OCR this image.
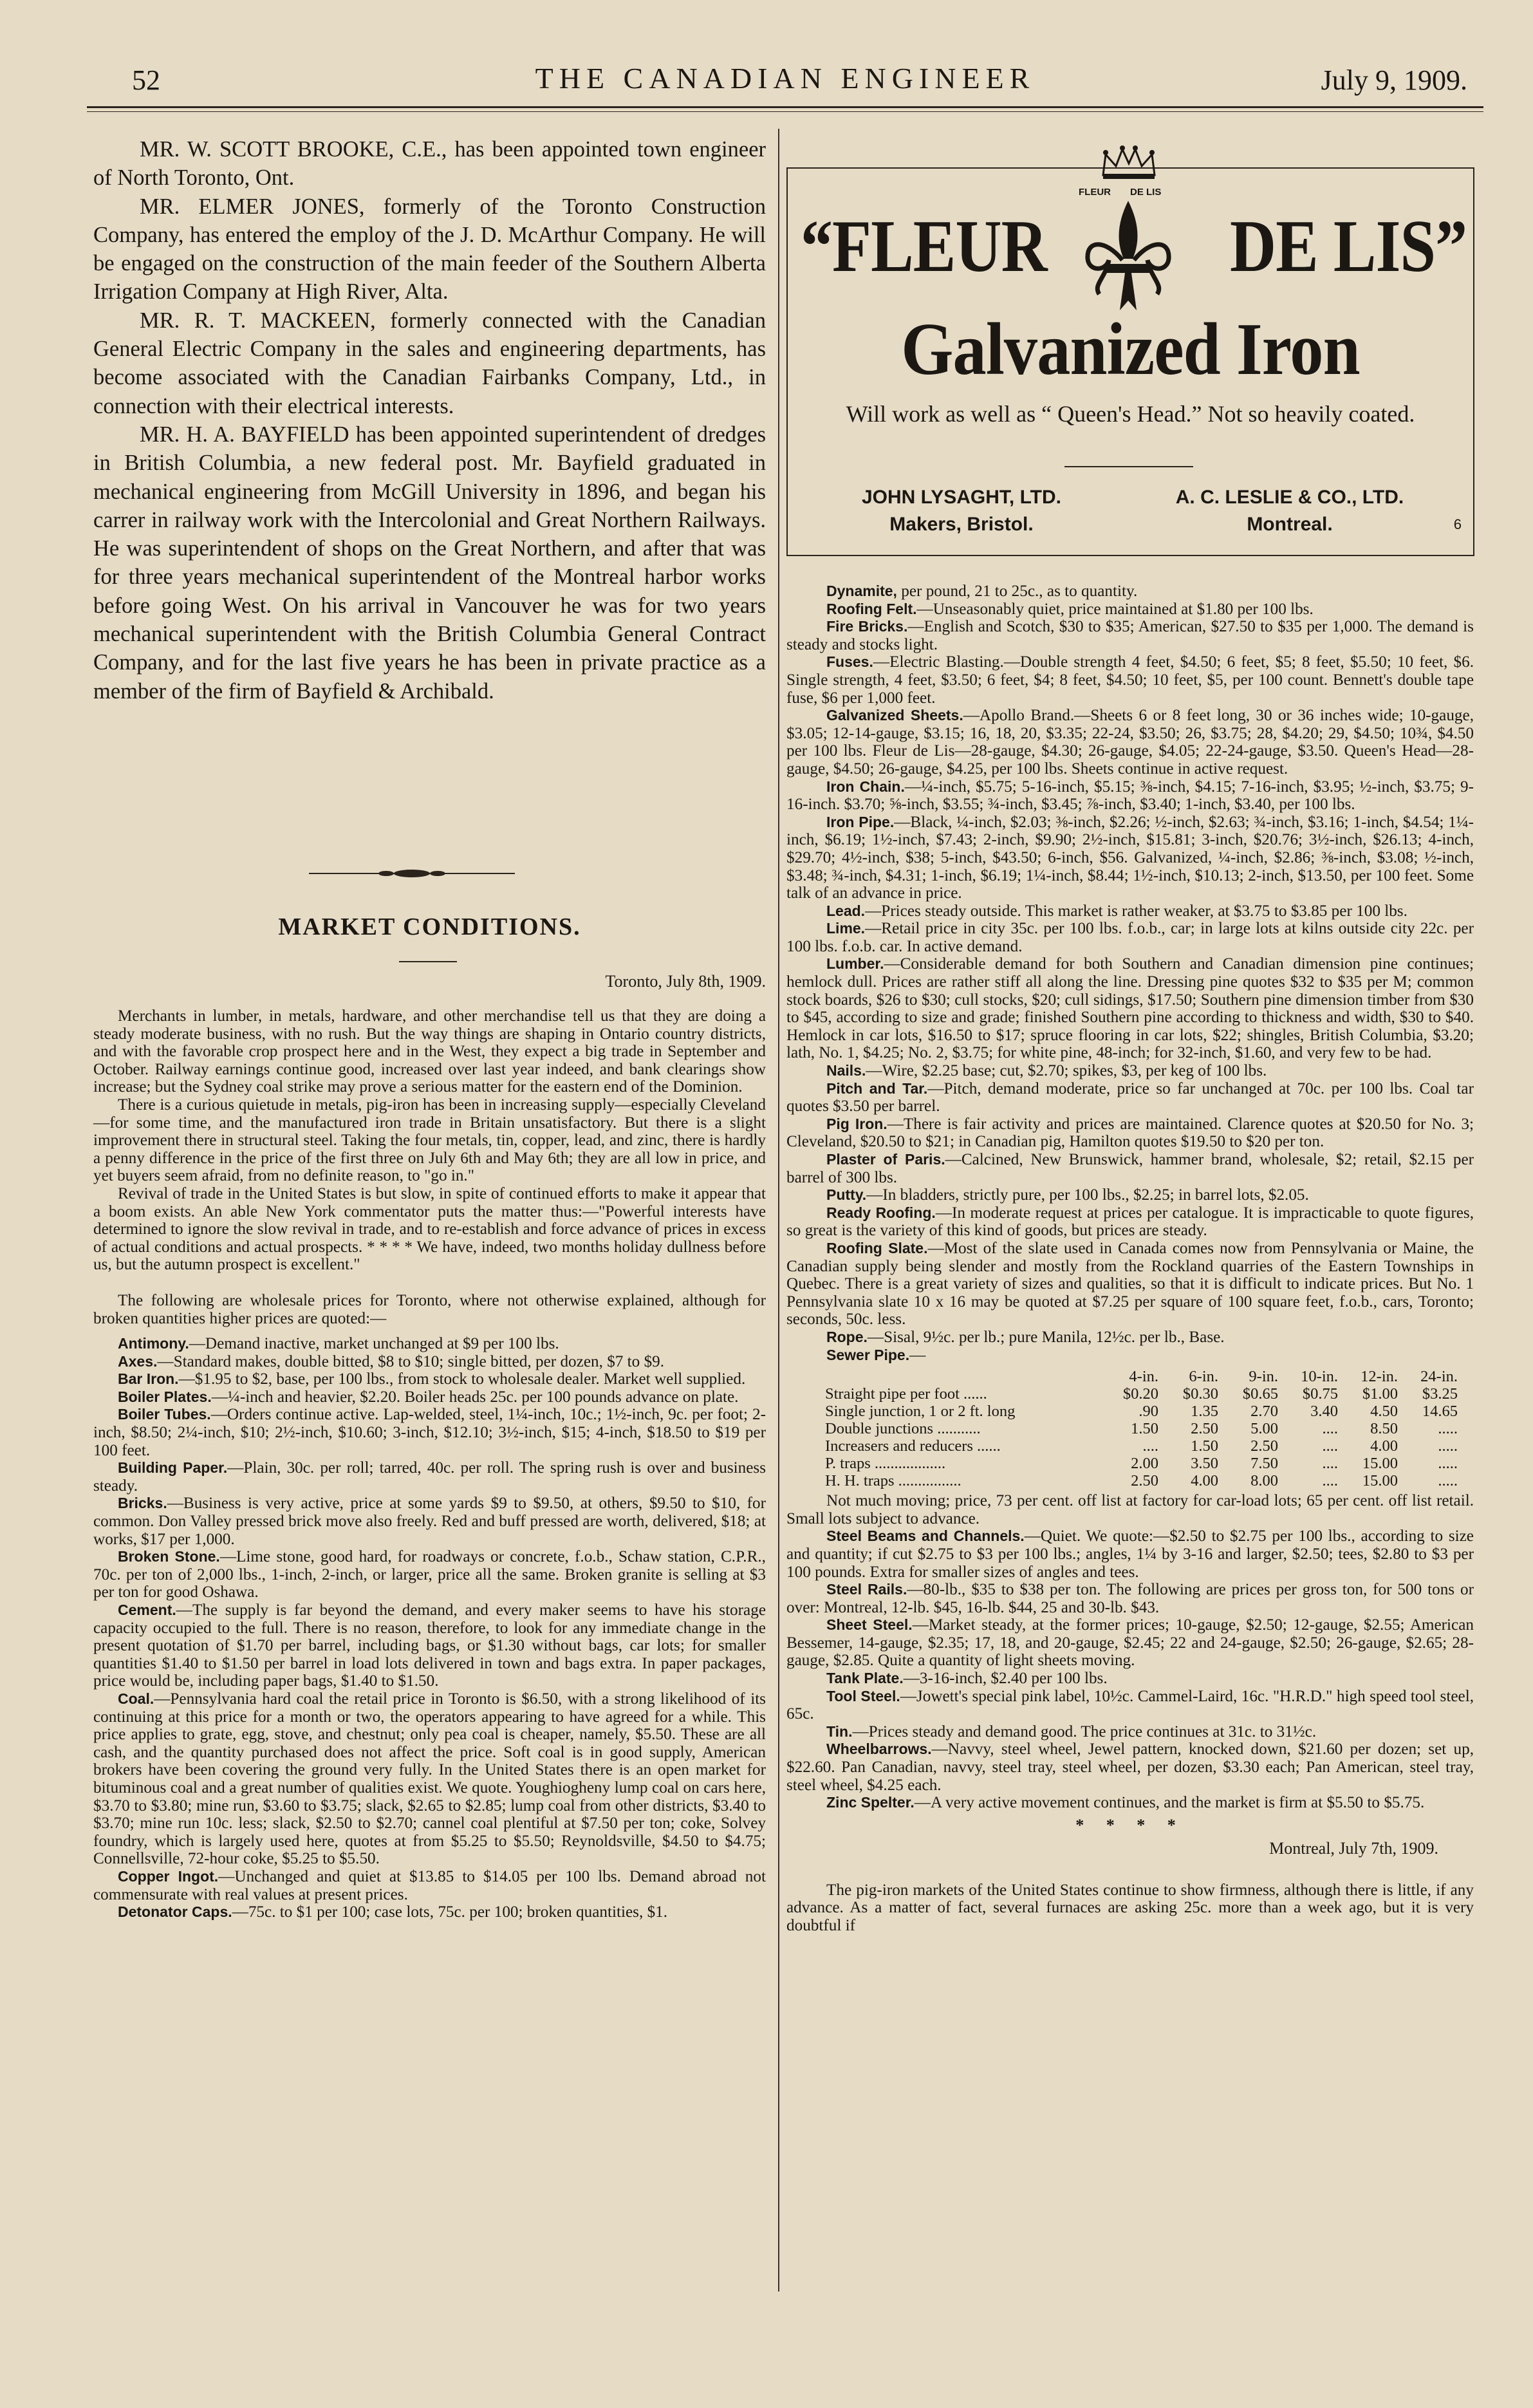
52	THE CANADIAN ENGINEER	July 9, 1909.

MR. W. SCOTT BROOKE, C.E., has been appointed town engineer of North Toronto, Ont.

MR. ELMER JONES, formerly of the Toronto Construction Company, has entered the employ of the J. D. McArthur Company. He will be engaged on the construction of the main feeder of the Southern Alberta Irrigation Company at High River, Alta.

MR. R. T. MACKEEN, formerly connected with the Canadian General Electric Company in the sales and engineering departments, has become associated with the Canadian Fairbanks Company, Ltd., in connection with their electrical interests.

MR. H. A. BAYFIELD has been appointed superintendent of dredges in British Columbia, a new federal post. Mr. Bayfield graduated in mechanical engineering from McGill University in 1896, and began his carrer in railway work with the Intercolonial and Great Northern Railways. He was superintendent of shops on the Great Northern, and after that was for three years mechanical superintendent of the Montreal harbor works before going West. On his arrival in Vancouver he was for two years mechanical superintendent with the British Columbia General Contract Company, and for the last five years he has been in private practice as a member of the firm of Bayfield & Archibald.

MARKET CONDITIONS.
Toronto, July 8th, 1909.

Merchants in lumber, in metals, hardware, and other merchandise tell us that they are doing a steady moderate business, with no rush. But the way things are shaping in Ontario country districts, and with the favorable crop prospect here and in the West, they expect a big trade in September and October. Railway earnings continue good, increased over last year indeed, and bank clearings show increase; but the Sydney coal strike may prove a serious matter for the eastern end of the Dominion.

There is a curious quietude in metals, pig-iron has been in increasing supply—especially Cleveland—for some time, and the manufactured iron trade in Britain unsatisfactory. But there is a slight improvement there in structural steel. Taking the four metals, tin, copper, lead, and zinc, there is hardly a penny difference in the price of the first three on July 6th and May 6th; they are all low in price, and yet buyers seem afraid, from no definite reason, to "go in."

Revival of trade in the United States is but slow, in spite of continued efforts to make it appear that a boom exists. An able New York commentator puts the matter thus:—"Powerful interests have determined to ignore the slow revival in trade, and to re-establish and force advance of prices in excess of actual conditions and actual prospects. * * * * We have, indeed, two months holiday dullness before us, but the autumn prospect is excellent."

The following are wholesale prices for Toronto, where not otherwise explained, although for broken quantities higher prices are quoted:—

Antimony.—Demand inactive, market unchanged at $9 per 100 lbs.

Axes.—Standard makes, double bitted, $8 to $10; single bitted, per dozen, $7 to $9.

Bar Iron.—$1.95 to $2, base, per 100 lbs., from stock to wholesale dealer. Market well supplied.

Boiler Plates.—¼-inch and heavier, $2.20. Boiler heads 25c. per 100 pounds advance on plate.

Boiler Tubes.—Orders continue active. Lap-welded, steel, 1¼-inch, 10c.; 1½-inch, 9c. per foot; 2-inch, $8.50; 2¼-inch, $10; 2½-inch, $10.60; 3-inch, $12.10; 3½-inch, $15; 4-inch, $18.50 to $19 per 100 feet.

Building Paper.—Plain, 30c. per roll; tarred, 40c. per roll. The spring rush is over and business steady.

Bricks.—Business is very active, price at some yards $9 to $9.50, at others, $9.50 to $10, for common. Don Valley pressed brick move also freely. Red and buff pressed are worth, delivered, $18; at works, $17 per 1,000.

Broken Stone.—Lime stone, good hard, for roadways or concrete, f.o.b., Schaw station, C.P.R., 70c. per ton of 2,000 lbs., 1-inch, 2-inch, or larger, price all the same. Broken granite is selling at $3 per ton for good Oshawa.

Cement.—The supply is far beyond the demand, and every maker seems to have his storage capacity occupied to the full. There is no reason, therefore, to look for any immediate change in the present quotation of $1.70 per barrel, including bags, or $1.30 without bags, car lots; for smaller quantities $1.40 to $1.50 per barrel in load lots delivered in town and bags extra. In paper packages, price would be, including paper bags, $1.40 to $1.50.

Coal.—Pennsylvania hard coal the retail price in Toronto is $6.50, with a strong likelihood of its continuing at this price for a month or two, the operators appearing to have agreed for a while. This price applies to grate, egg, stove, and chestnut; only pea coal is cheaper, namely, $5.50. These are all cash, and the quantity purchased does not affect the price. Soft coal is in good supply, American brokers have been covering the ground very fully. In the United States there is an open market for bituminous coal and a great number of qualities exist. We quote. Youghiogheny lump coal on cars here, $3.70 to $3.80; mine run, $3.60 to $3.75; slack, $2.65 to $2.85; lump coal from other districts, $3.40 to $3.70; mine run 10c. less; slack, $2.50 to $2.70; cannel coal plentiful at $7.50 per ton; coke, Solvey foundry, which is largely used here, quotes at from $5.25 to $5.50; Reynoldsville, $4.50 to $4.75; Connellsville, 72-hour coke, $5.25 to $5.50.

Copper Ingot.—Unchanged and quiet at $13.85 to $14.05 per 100 lbs. Demand abroad not commensurate with real values at present prices.

Detonator Caps.—75c. to $1 per 100; case lots, 75c. per 100; broken quantities, $1.

FLEUR DE LIS
“FLEUR DE LIS”
Galvanized Iron
Will work as well as “ Queen's Head.” Not so heavily coated.
JOHN LYSAGHT, LTD.
Makers, Bristol.
A. C. LESLIE & CO., LTD.
Montreal.	6

Dynamite, per pound, 21 to 25c., as to quantity.

Roofing Felt.—Unseasonably quiet, price maintained at $1.80 per 100 lbs.

Fire Bricks.—English and Scotch, $30 to $35; American, $27.50 to $35 per 1,000. The demand is steady and stocks light.

Fuses.—Electric Blasting.—Double strength 4 feet, $4.50; 6 feet, $5; 8 feet, $5.50; 10 feet, $6. Single strength, 4 feet, $3.50; 6 feet, $4; 8 feet, $4.50; 10 feet, $5, per 100 count. Bennett's double tape fuse, $6 per 1,000 feet.

Galvanized Sheets.—Apollo Brand.—Sheets 6 or 8 feet long, 30 or 36 inches wide; 10-gauge, $3.05; 12-14-gauge, $3.15; 16, 18, 20, $3.35; 22-24, $3.50; 26, $3.75; 28, $4.20; 29, $4.50; 10¾, $4.50 per 100 lbs. Fleur de Lis—28-gauge, $4.30; 26-gauge, $4.05; 22-24-gauge, $3.50. Queen's Head—28-gauge, $4.50; 26-gauge, $4.25, per 100 lbs. Sheets continue in active request.

Iron Chain.—¼-inch, $5.75; 5-16-inch, $5.15; ⅜-inch, $4.15; 7-16-inch, $3.95; ½-inch, $3.75; 9-16-inch. $3.70; ⅝-inch, $3.55; ¾-inch, $3.45; ⅞-inch, $3.40; 1-inch, $3.40, per 100 lbs.

Iron Pipe.—Black, ¼-inch, $2.03; ⅜-inch, $2.26; ½-inch, $2.63; ¾-inch, $3.16; 1-inch, $4.54; 1¼-inch, $6.19; 1½-inch, $7.43; 2-inch, $9.90; 2½-inch, $15.81; 3-inch, $20.76; 3½-inch, $26.13; 4-inch, $29.70; 4½-inch, $38; 5-inch, $43.50; 6-inch, $56. Galvanized, ¼-inch, $2.86; ⅜-inch, $3.08; ½-inch, $3.48; ¾-inch, $4.31; 1-inch, $6.19; 1¼-inch, $8.44; 1½-inch, $10.13; 2-inch, $13.50, per 100 feet. Some talk of an advance in price.

Lead.—Prices steady outside. This market is rather weaker, at $3.75 to $3.85 per 100 lbs.

Lime.—Retail price in city 35c. per 100 lbs. f.o.b., car; in large lots at kilns outside city 22c. per 100 lbs. f.o.b. car. In active demand.

Lumber.—Considerable demand for both Southern and Canadian dimension pine continues; hemlock dull. Prices are rather stiff all along the line. Dressing pine quotes $32 to $35 per M; common stock boards, $26 to $30; cull stocks, $20; cull sidings, $17.50; Southern pine dimension timber from $30 to $45, according to size and grade; finished Southern pine according to thickness and width, $30 to $40. Hemlock in car lots, $16.50 to $17; spruce flooring in car lots, $22; shingles, British Columbia, $3.20; lath, No. 1, $4.25; No. 2, $3.75; for white pine, 48-inch; for 32-inch, $1.60, and very few to be had.

Nails.—Wire, $2.25 base; cut, $2.70; spikes, $3, per keg of 100 lbs.

Pitch and Tar.—Pitch, demand moderate, price so far unchanged at 70c. per 100 lbs. Coal tar quotes $3.50 per barrel.

Pig Iron.—There is fair activity and prices are maintained. Clarence quotes at $20.50 for No. 3; Cleveland, $20.50 to $21; in Canadian pig, Hamilton quotes $19.50 to $20 per ton.

Plaster of Paris.—Calcined, New Brunswick, hammer brand, wholesale, $2; retail, $2.15 per barrel of 300 lbs.

Putty.—In bladders, strictly pure, per 100 lbs., $2.25; in barrel lots, $2.05.

Ready Roofing.—In moderate request at prices per catalogue. It is impracticable to quote figures, so great is the variety of this kind of goods, but prices are steady.

Roofing Slate.—Most of the slate used in Canada comes now from Pennsylvania or Maine, the Canadian supply being slender and mostly from the Rockland quarries of the Eastern Townships in Quebec. There is a great variety of sizes and qualities, so that it is difficult to indicate prices. But No. 1 Pennsylvania slate 10 x 16 may be quoted at $7.25 per square of 100 square feet, f.o.b., cars, Toronto; seconds, 50c. less.

Rope.—Sisal, 9½c. per lb.; pure Manila, 12½c. per lb., Base.

Sewer Pipe.—

	4-in.	6-in.	9-in.	10-in.	12-in.	24-in.
Straight pipe per foot ......	$0.20	$0.30	$0.65	$0.75	$1.00	$3.25
Single junction, 1 or 2 ft. long	.90	1.35	2.70	3.40	4.50	14.65
Double junctions ...........	1.50	2.50	5.00	....	8.50	.....
Increasers and reducers ......	....	1.50	2.50	....	4.00	.....
P. traps ..................	2.00	3.50	7.50	....	15.00	.....
H. H. traps ................	2.50	4.00	8.00	....	15.00	.....

Not much moving; price, 73 per cent. off list at factory for car-load lots; 65 per cent. off list retail. Small lots subject to advance.

Steel Beams and Channels.—Quiet. We quote:—$2.50 to $2.75 per 100 lbs., according to size and quantity; if cut $2.75 to $3 per 100 lbs.; angles, 1¼ by 3-16 and larger, $2.50; tees, $2.80 to $3 per 100 pounds. Extra for smaller sizes of angles and tees.

Steel Rails.—80-lb., $35 to $38 per ton. The following are prices per gross ton, for 500 tons or over: Montreal, 12-lb. $45, 16-lb. $44, 25 and 30-lb. $43.

Sheet Steel.—Market steady, at the former prices; 10-gauge, $2.50; 12-gauge, $2.55; American Bessemer, 14-gauge, $2.35; 17, 18, and 20-gauge, $2.45; 22 and 24-gauge, $2.50; 26-gauge, $2.65; 28-gauge, $2.85. Quite a quantity of light sheets moving.

Tank Plate.—3-16-inch, $2.40 per 100 lbs.

Tool Steel.—Jowett's special pink label, 10½c. Cammel-Laird, 16c. "H.R.D." high speed tool steel, 65c.

Tin.—Prices steady and demand good. The price continues at 31c. to 31½c.

Wheelbarrows.—Navvy, steel wheel, Jewel pattern, knocked down, $21.60 per dozen; set up, $22.60. Pan Canadian, navvy, steel tray, steel wheel, per dozen, $3.30 each; Pan American, steel tray, steel wheel, $4.25 each.

Zinc Spelter.—A very active movement continues, and the market is firm at $5.50 to $5.75.

* * * *
Montreal, July 7th, 1909.

The pig-iron markets of the United States continue to show firmness, although there is little, if any advance. As a matter of fact, several furnaces are asking 25c. more than a week ago, but it is very doubtful if
